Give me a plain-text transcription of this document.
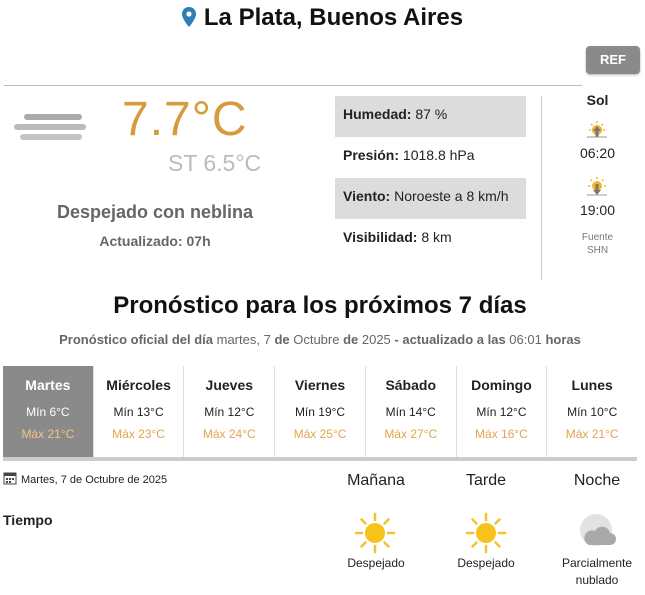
La Plata, Buenos Aires
REF
7.7°C
ST 6.5°C
Despejado con neblina
Actualizado: 07h
Humedad: 87 %
Presión: 1018.8 hPa
Viento: Noroeste a 8 km/h
Visibilidad: 8 km
Sol
06:20
19:00
Fuente
SHN
Pronóstico para los próximos 7 días
Pronóstico oficial del día martes, 7 de Octubre de 2025 - actualizado a las 06:01 horas
Martes
Mín 6°C
Máx 21°C
Miércoles
Mín 13°C
Máx 23°C
Jueves
Mín 12°C
Máx 24°C
Viernes
Mín 19°C
Máx 25°C
Sábado
Mín 14°C
Máx 27°C
Domingo
Mín 12°C
Máx 16°C
Lunes
Mín 10°C
Máx 21°C
Martes, 7 de Octubre de 2025
Tiempo
Mañana	Tarde	Noche
Despejado	Despejado	Parcialmente
nublado
